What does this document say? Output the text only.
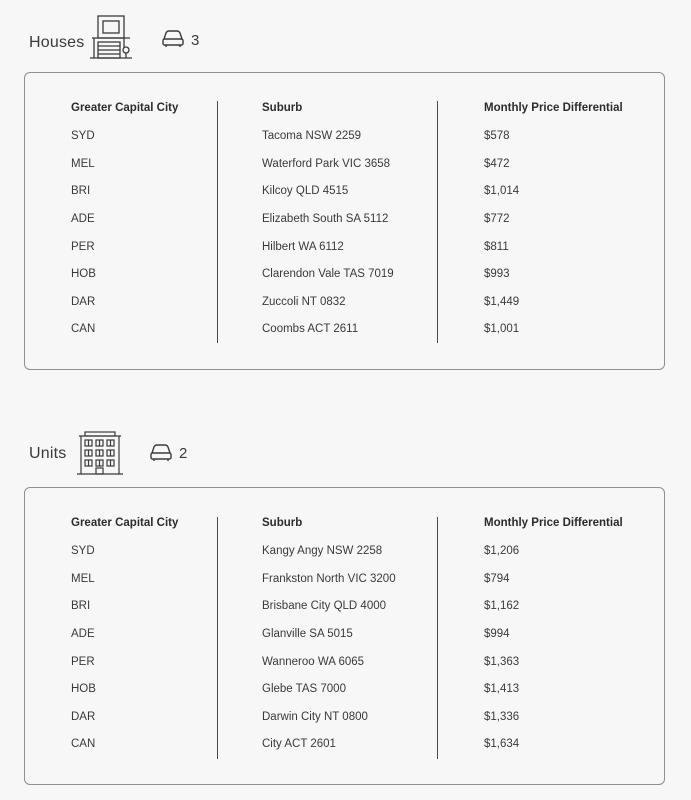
Houses	3
Greater Capital City	Suburb	Monthly Price Differential
SYD	Tacoma NSW 2259	$578
MEL	Waterford Park VIC 3658	$472
BRI	Kilcoy QLD 4515	$1,014
ADE	Elizabeth South SA 5112	$772
PER	Hilbert WA 6112	$811
HOB	Clarendon Vale TAS 7019	$993
DAR	Zuccoli NT 0832	$1,449
CAN	Coombs ACT 2611	$1,001
Units	2
Greater Capital City	Suburb	Monthly Price Differential
SYD	Kangy Angy NSW 2258	$1,206
MEL	Frankston North VIC 3200	$794
BRI	Brisbane City QLD 4000	$1,162
ADE	Glanville SA 5015	$994
PER	Wanneroo WA 6065	$1,363
HOB	Glebe TAS 7000	$1,413
DAR	Darwin City NT 0800	$1,336
CAN	City ACT 2601	$1,634
